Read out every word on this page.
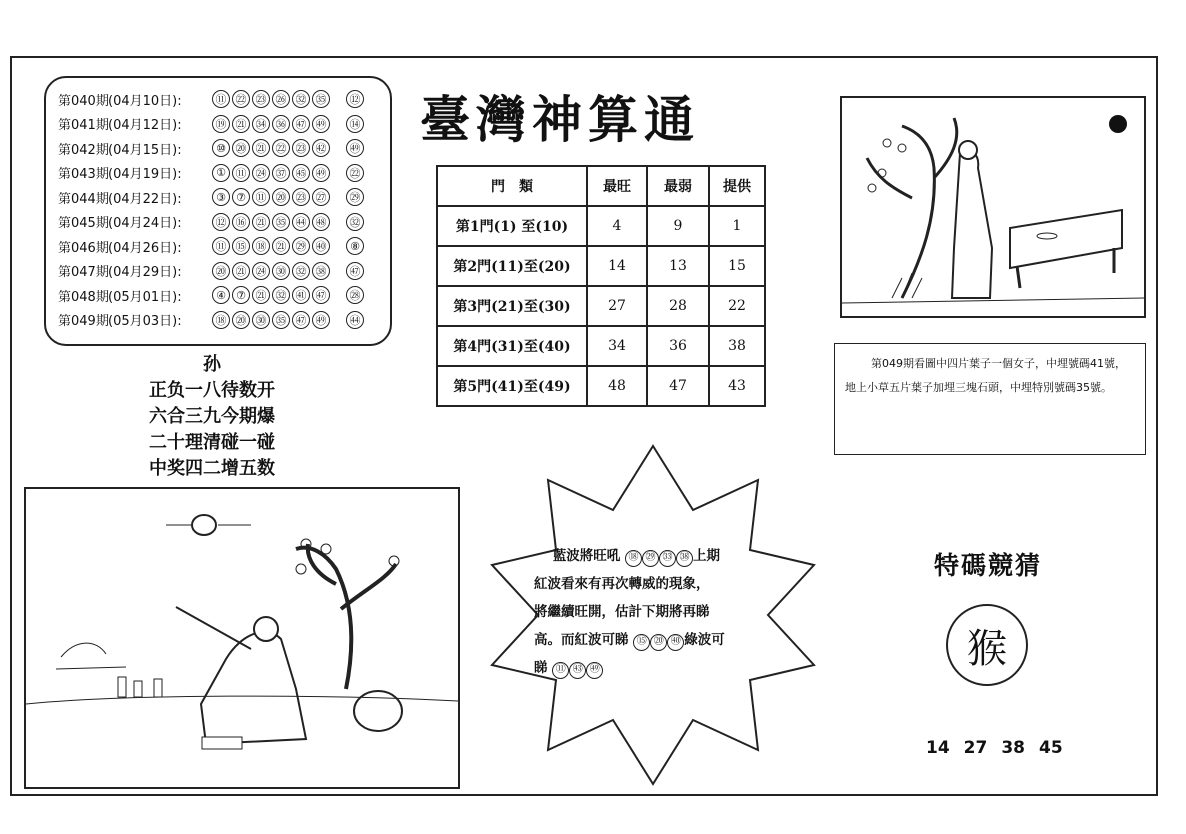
第040期 (04月10日):	⑪ ㉒ ㉓ ㉖ ㉜ ㉟	⑫
第041期 (04月12日):	⑲ ㉑ ㉞ ㊱ ㊼ ㊾	⑭
第042期 (04月15日):	⑩ ⑳ ㉑ ㉒ ㉓ ㊷	㊾
第043期 (04月19日):	① ⑪ ㉔ ㊲ ㊺ ㊾	㉒
第044期 (04月22日):	③ ⑦ ⑪ ⑳ ㉓ ㉗	㉙
第045期 (04月24日):	⑫ ⑯ ㉑ ㉟ ㊹ ㊽	㉜
第046期 (04月26日):	⑪ ⑮ ⑱ ㉑ ㉙ ㊵	⑧
第047期 (04月29日):	⑳ ㉑ ㉔ ㉚ ㉜ ㊳	㊼
第048期 (05月01日):	④ ⑦ ㉑ ㉜ ㊶ ㊼	㉘
第049期 (05月03日):	⑱ ⑳ ㉚ ㉟ ㊼ ㊾	㊹
臺灣神算通
門　類	最旺	最弱	提供
第1門(1) 至(10)	4	9	1
第2門(11)至(20)	14	13	15
第3門(21)至(30)	27	28	22
第4門(31)至(40)	34	36	38
第5門(41)至(49)	48	47	43
孙
正负一八待数开
六合三九今期爆
二十理清碰一碰
中奖四二增五数
第049期看圖中四片葉子一個女子，中埋號碼41號，地上小草五片葉子加埋三塊石頭，中埋特別號碼35號。
藍波將旺吼 ⑱ ㉙ ㉝ ㊳ 上期
紅波看來有再次轉威的現象，
將繼續旺開，估計下期將再睇
高。而紅波可睇 ⑮ ⑳ ㊵ 綠波可
睇 ⑪ ㊸ ㊾
特碼競猜
猴
14 27 38 45
